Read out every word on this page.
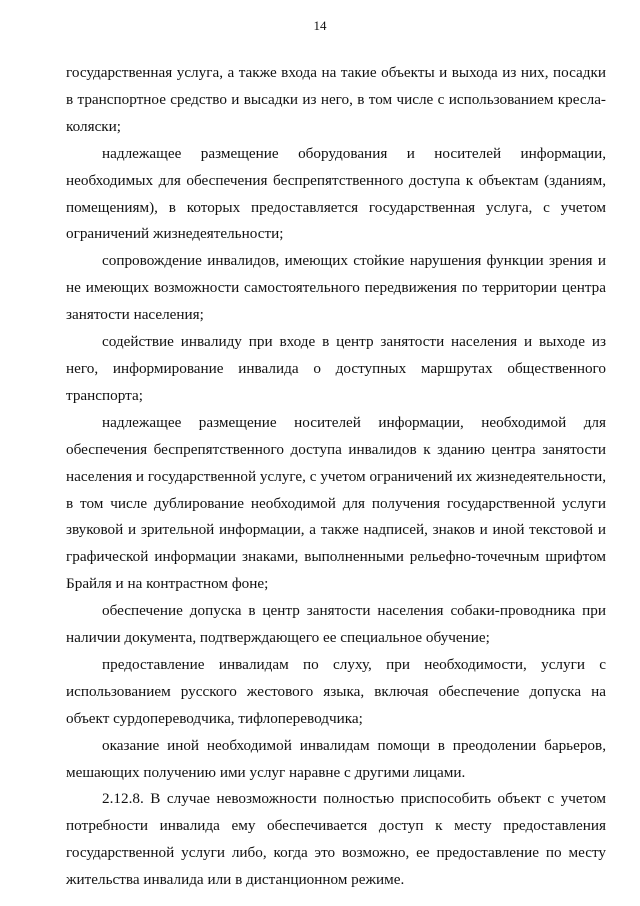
14

государственная услуга, а также входа на такие объекты и выхода из них, посадки в транспортное средство и высадки из него, в том числе с использованием кресла-коляски;

надлежащее размещение оборудования и носителей информации, необходимых для обеспечения беспрепятственного доступа к объектам (зданиям, помещениям), в которых предоставляется государственная услуга, с учетом ограничений жизнедеятельности;

сопровождение инвалидов, имеющих стойкие нарушения функции зрения и не имеющих возможности самостоятельного передвижения по территории центра занятости населения;

содействие инвалиду при входе в центр занятости населения и выходе из него, информирование инвалида о доступных маршрутах общественного транспорта;

надлежащее размещение носителей информации, необходимой для обеспечения беспрепятственного доступа инвалидов к зданию центра занятости населения и государственной услуге, с учетом ограничений их жизнедеятельности, в том числе дублирование необходимой для получения государственной услуги звуковой и зрительной информации, а также надписей, знаков и иной текстовой и графической информации знаками, выполненными рельефно-точечным шрифтом Брайля и на контрастном фоне;

обеспечение допуска в центр занятости населения собаки-проводника при наличии документа, подтверждающего ее специальное обучение;

предоставление инвалидам по слуху, при необходимости, услуги с использованием русского жестового языка, включая обеспечение допуска на объект сурдопереводчика, тифлопереводчика;

оказание иной необходимой инвалидам помощи в преодолении барьеров, мешающих получению ими услуг наравне с другими лицами.

2.12.8. В случае невозможности полностью приспособить объект с учетом потребности инвалида ему обеспечивается доступ к месту предоставления государственной услуги либо, когда это возможно, ее предоставление по месту жительства инвалида или в дистанционном режиме.
